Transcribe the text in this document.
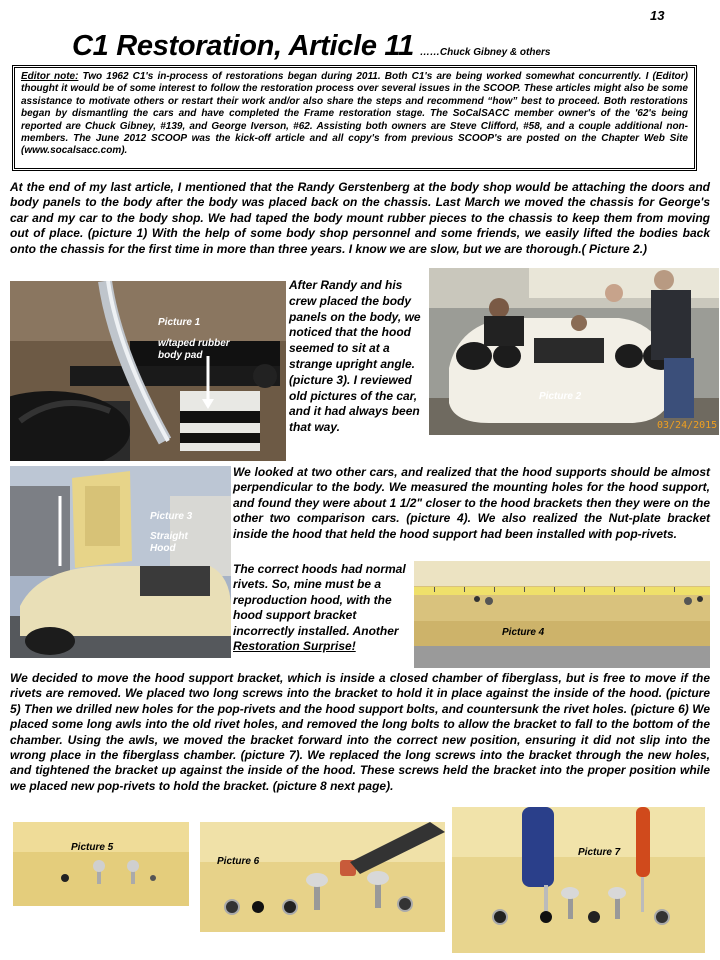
13
C1 Restoration, Article 11 ……Chuck Gibney & others
Editor note: Two 1962 C1's in-process of restorations began during 2011. Both C1's are being worked somewhat concurrently. I (Editor) thought it would be of some interest to follow the restoration process over several issues in the SCOOP. These articles might also be some assistance to motivate others or restart their work and/or also share the steps and recommend “how” best to proceed. Both restorations began by dismantling the cars and have completed the Frame restoration stage. The SoCalSACC member owner's of the '62's being reported are Chuck Gibney, #139, and George Iverson, #62. Assisting both owners are Steve Clifford, #58, and a couple additional non-members. The June 2012 SCOOP was the kick-off article and all copy's from previous SCOOP's are posted on the Chapter Web Site (www.socalsacc.com).
At the end of my last article, I mentioned that the Randy Gerstenberg at the body shop would be attaching the doors and body panels to the body after the body was placed back on the chassis. Last March we moved the chassis for George's car and my car to the body shop. We had taped the body mount rubber pieces to the chassis to keep them from moving out of place. (picture 1) With the help of some body shop personnel and some friends, we easily lifted the bodies back onto the chassis for the first time in more than three years. I know we are slow, but we are thorough.( Picture 2.)
Picture 1
w/taped rubber
body pad
After Randy and his crew placed the body panels on the body, we noticed that the hood seemed to sit at a strange upright angle. (picture 3). I reviewed old pictures of the car, and it had always been that way.
Picture 2
03/24/2015
Picture 3
Straight
Hood
We looked at two other cars, and realized that the hood supports should be almost perpendicular to the body. We measured the mounting holes for the hood support, and found they were about 1 1/2" closer to the hood brackets then they were on the other two comparison cars. (picture 4). We also realized the Nut-plate bracket inside the hood that held the hood support had been installed with pop-rivets.
The correct hoods had normal rivets. So, mine must be a reproduction hood, with the hood support bracket incorrectly installed. Another Restoration Surprise!
Picture 4
We decided to move the hood support bracket, which is inside a closed chamber of fiberglass, but is free to move if the rivets are removed. We placed two long screws into the bracket to hold it in place against the inside of the hood. (picture 5) Then we drilled new holes for the pop-rivets and the hood support bolts, and countersunk the rivet holes. (picture 6) We placed some long awls into the old rivet holes, and removed the long bolts to allow the bracket to fall to the bottom of the chamber. Using the awls, we moved the bracket forward into the correct new position, ensuring it did not slip into the wrong place in the fiberglass chamber. (picture 7). We replaced the long screws into the bracket through the new holes, and tightened the bracket up against the inside of the hood. These screws held the bracket into the proper position while we placed new pop-rivets to hold the bracket. (picture 8 next page).
Picture 5
Picture 6
Picture 7
